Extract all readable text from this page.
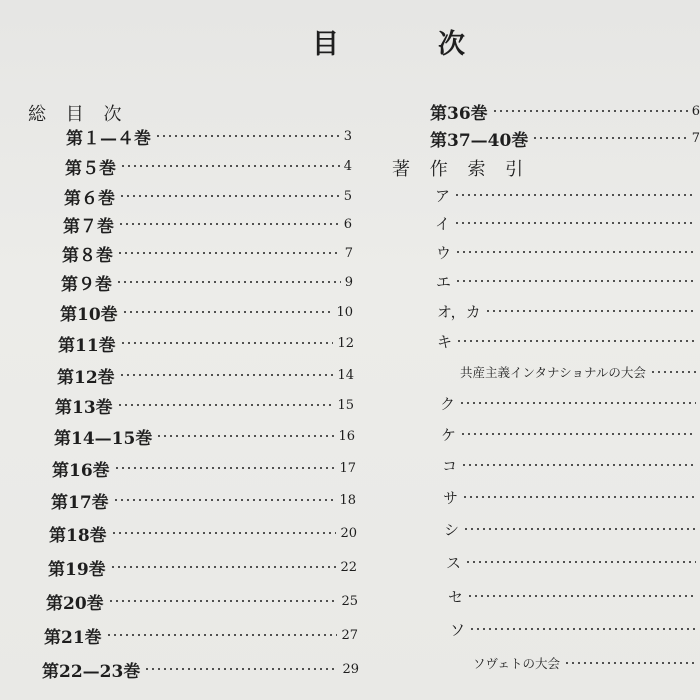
目　次
総 目 次
第１—４巻	3
第５巻	4
第６巻	5
第７巻	6
第８巻	7
第９巻	9
第10巻	10
第11巻	12
第12巻	14
第13巻	15
第14—15巻	16
第16巻	17
第17巻	18
第18巻	20
第19巻	22
第20巻	25
第21巻	27
第22—23巻	29
第36巻	6
第37—40巻	7
著 作 索 引
ア
イ
ウ
エ
オ，カ
キ
共産主義インタナショナルの大会
ク
ケ
コ
サ
シ
ス
セ
ソ
ソヴェトの大会
